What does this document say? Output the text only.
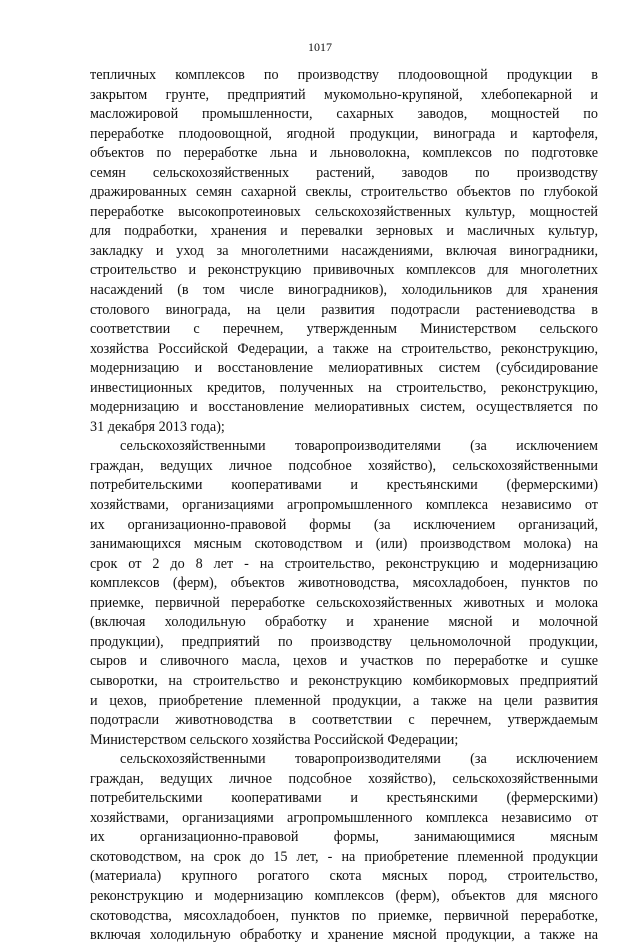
1017
тепличных комплексов по производству плодоовощной продукции в
закрытом грунте, предприятий мукомольно-крупяной, хлебопекарной и
масложировой промышленности, сахарных заводов, мощностей по
переработке плодоовощной, ягодной продукции, винограда и картофеля,
объектов по переработке льна и льноволокна, комплексов по подготовке
семян сельскохозяйственных растений, заводов по производству
дражированных семян сахарной свеклы, строительство объектов по глубокой
переработке высокопротеиновых сельскохозяйственных культур, мощностей
для подработки, хранения и перевалки зерновых и масличных культур,
закладку и уход за многолетними насаждениями, включая виноградники,
строительство и реконструкцию прививочных комплексов для многолетних
насаждений (в том числе виноградников), холодильников для хранения
столового винограда, на цели развития подотрасли растениеводства в
соответствии с перечнем, утвержденным Министерством сельского
хозяйства Российской Федерации, а также на строительство, реконструкцию,
модернизацию и восстановление мелиоративных систем (субсидирование
инвестиционных кредитов, полученных на строительство, реконструкцию,
модернизацию и восстановление мелиоративных систем, осуществляется по
31 декабря 2013 года);
сельскохозяйственными товаропроизводителями (за исключением
граждан, ведущих личное подсобное хозяйство), сельскохозяйственными
потребительскими кооперативами и крестьянскими (фермерскими)
хозяйствами, организациями агропромышленного комплекса независимо от
их организационно-правовой формы (за исключением организаций,
занимающихся мясным скотоводством и (или) производством молока) на
срок от 2 до 8 лет - на строительство, реконструкцию и модернизацию
комплексов (ферм), объектов животноводства, мясохладобоен, пунктов по
приемке, первичной переработке сельскохозяйственных животных и молока
(включая холодильную обработку и хранение мясной и молочной
продукции), предприятий по производству цельномолочной продукции,
сыров и сливочного масла, цехов и участков по переработке и сушке
сыворотки, на строительство и реконструкцию комбикормовых предприятий
и цехов, приобретение племенной продукции, а также на цели развития
подотрасли животноводства в соответствии с перечнем, утверждаемым
Министерством сельского хозяйства Российской Федерации;
сельскохозяйственными товаропроизводителями (за исключением
граждан, ведущих личное подсобное хозяйство), сельскохозяйственными
потребительскими кооперативами и крестьянскими (фермерскими)
хозяйствами, организациями агропромышленного комплекса независимо от
их организационно-правовой формы, занимающимися мясным
скотоводством, на срок до 15 лет, - на приобретение племенной продукции
(материала) крупного рогатого скота мясных пород, строительство,
реконструкцию и модернизацию комплексов (ферм), объектов для мясного
скотоводства, мясохладобоен, пунктов по приемке, первичной переработке,
включая холодильную обработку и хранение мясной продукции, а также на
